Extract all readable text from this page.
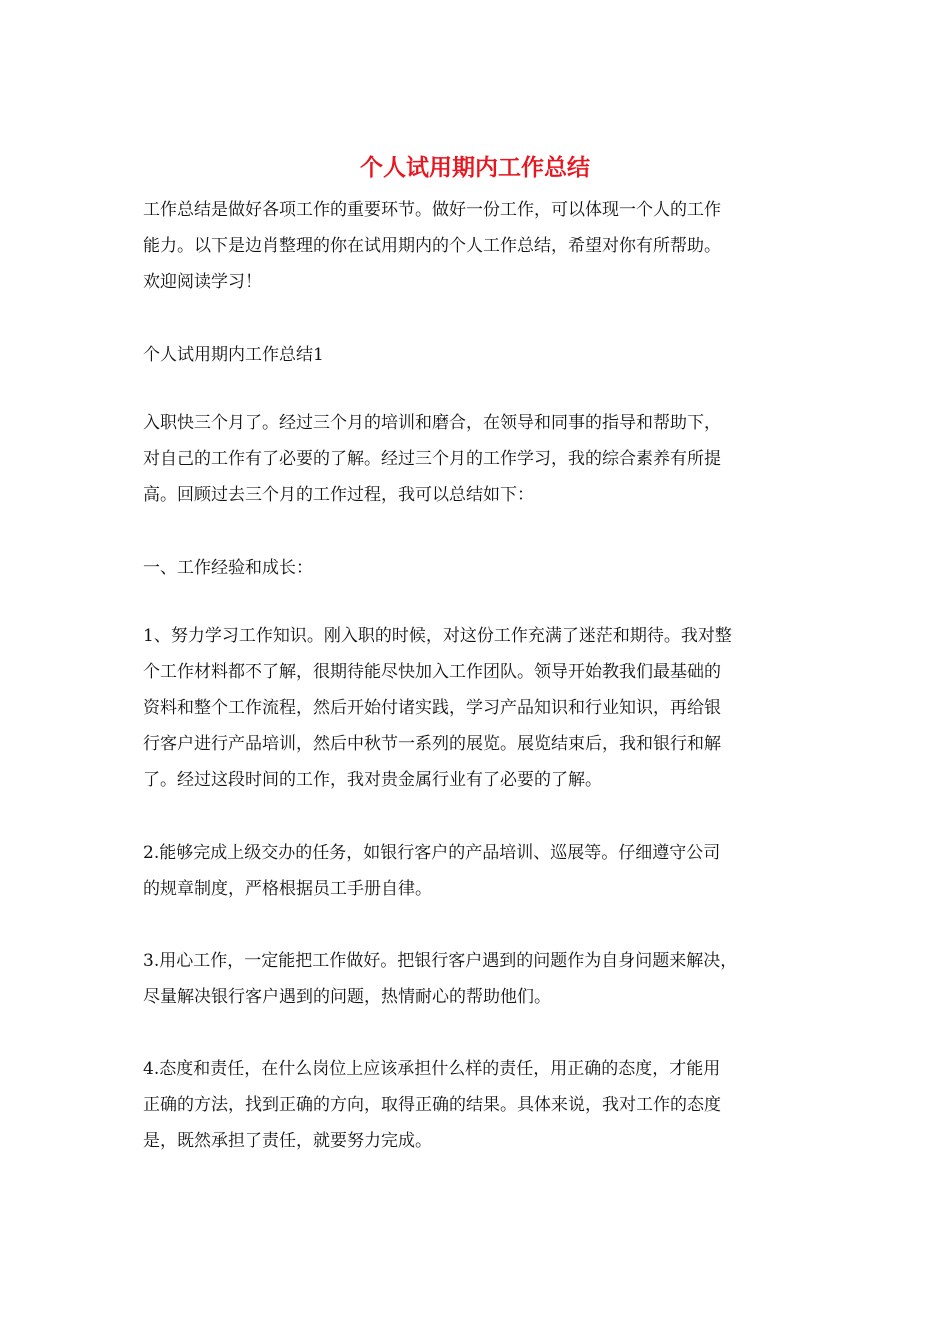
个人试用期内工作总结

工作总结是做好各项工作的重要环节。做好一份工作，可以体现一个人的工作
能力。以下是边肖整理的你在试用期内的个人工作总结，希望对你有所帮助。
欢迎阅读学习！

个人试用期内工作总结1

入职快三个月了。经过三个月的培训和磨合，在领导和同事的指导和帮助下，
对自己的工作有了必要的了解。经过三个月的工作学习，我的综合素养有所提
高。回顾过去三个月的工作过程，我可以总结如下：

一、工作经验和成长：

1、努力学习工作知识。刚入职的时候，对这份工作充满了迷茫和期待。我对整
个工作材料都不了解，很期待能尽快加入工作团队。领导开始教我们最基础的
资料和整个工作流程，然后开始付诸实践，学习产品知识和行业知识，再给银
行客户进行产品培训，然后中秋节一系列的展览。展览结束后，我和银行和解
了。经过这段时间的工作，我对贵金属行业有了必要的了解。

2.能够完成上级交办的任务，如银行客户的产品培训、巡展等。仔细遵守公司
的规章制度，严格根据员工手册自律。

3.用心工作，一定能把工作做好。把银行客户遇到的问题作为自身问题来解决，
尽量解决银行客户遇到的问题，热情耐心的帮助他们。

4.态度和责任，在什么岗位上应该承担什么样的责任，用正确的态度，才能用
正确的方法，找到正确的方向，取得正确的结果。具体来说，我对工作的态度
是，既然承担了责任，就要努力完成。
